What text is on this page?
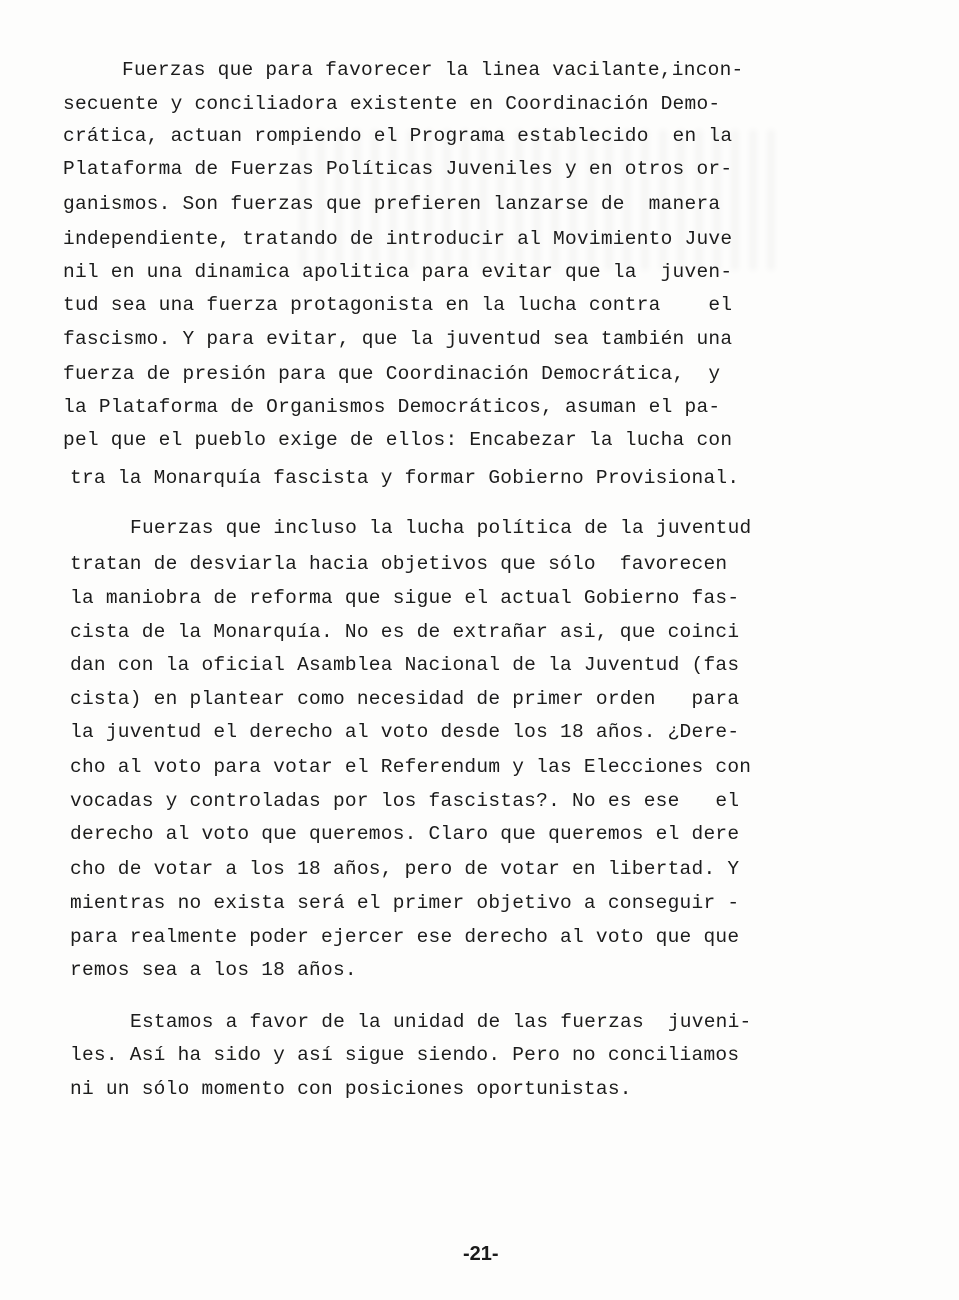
Fuerzas que para favorecer la linea vacilante,incon-

secuente y conciliadora existente en Coordinación Demo-

crática, actuan rompiendo el Programa establecido  en la

Plataforma de Fuerzas Políticas Juveniles y en otros or-

ganismos. Son fuerzas que prefieren lanzarse de  manera

independiente, tratando de introducir al Movimiento Juve

nil en una dinamica apolitica para evitar que la  juven-

tud sea una fuerza protagonista en la lucha contra    el

fascismo. Y para evitar, que la juventud sea también una

fuerza de presión para que Coordinación Democrática,  y

la Plataforma de Organismos Democráticos, asuman el pa-

pel que el pueblo exige de ellos: Encabezar la lucha con

tra la Monarquía fascista y formar Gobierno Provisional.

Fuerzas que incluso la lucha política de la juventud

tratan de desviarla hacia objetivos que sólo  favorecen

la maniobra de reforma que sigue el actual Gobierno fas-

cista de la Monarquía. No es de extrañar asi, que coinci

dan con la oficial Asamblea Nacional de la Juventud (fas

cista) en plantear como necesidad de primer orden   para

la juventud el derecho al voto desde los 18 años. ¿Dere-

cho al voto para votar el Referendum y las Elecciones con

vocadas y controladas por los fascistas?. No es ese   el

derecho al voto que queremos. Claro que queremos el dere

cho de votar a los 18 años, pero de votar en libertad. Y

mientras no exista será el primer objetivo a conseguir -

para realmente poder ejercer ese derecho al voto que que

remos sea a los 18 años.

Estamos a favor de la unidad de las fuerzas  juveni-

les. Así ha sido y así sigue siendo. Pero no conciliamos

ni un sólo momento con posiciones oportunistas.

-21-
